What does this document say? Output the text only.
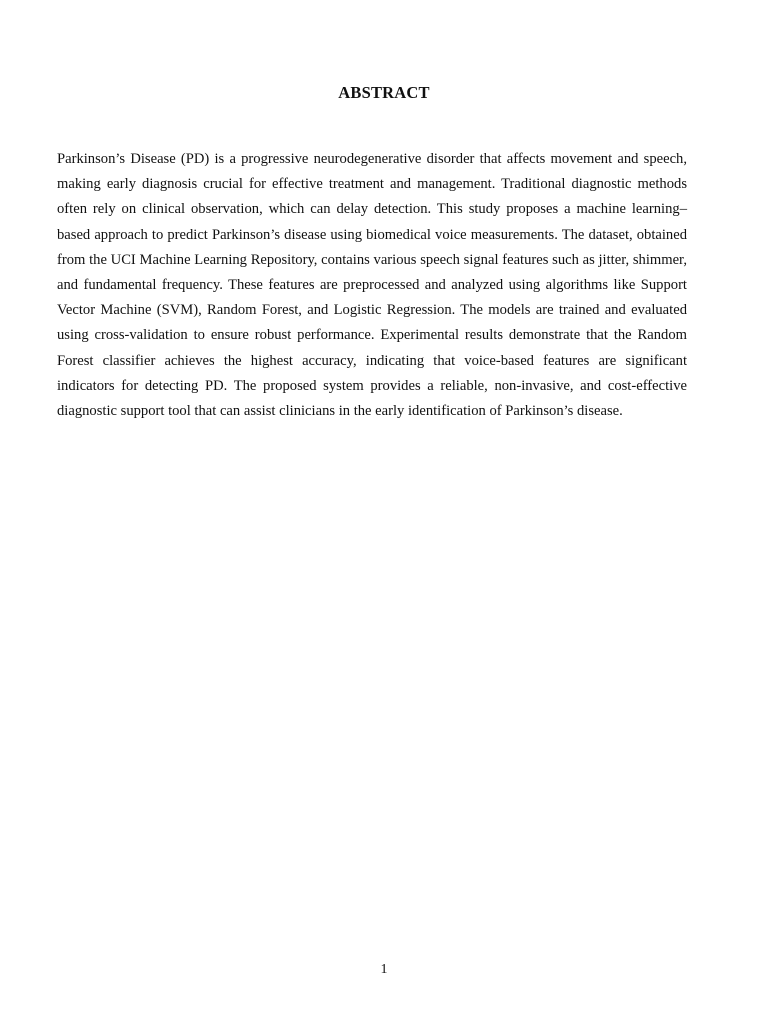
ABSTRACT

Parkinson’s Disease (PD) is a progressive neurodegenerative disorder that affects movement and speech, making early diagnosis crucial for effective treatment and management. Traditional diagnostic methods often rely on clinical observation, which can delay detection. This study proposes a machine learning–based approach to predict Parkinson’s disease using biomedical voice measurements. The dataset, obtained from the UCI Machine Learning Repository, contains various speech signal features such as jitter, shimmer, and fundamental frequency. These features are preprocessed and analyzed using algorithms like Support Vector Machine (SVM), Random Forest, and Logistic Regression. The models are trained and evaluated using cross-validation to ensure robust performance. Experimental results demonstrate that the Random Forest classifier achieves the highest accuracy, indicating that voice-based features are significant indicators for detecting PD. The proposed system provides a reliable, non-invasive, and cost-effective diagnostic support tool that can assist clinicians in the early identification of Parkinson’s disease.

1
